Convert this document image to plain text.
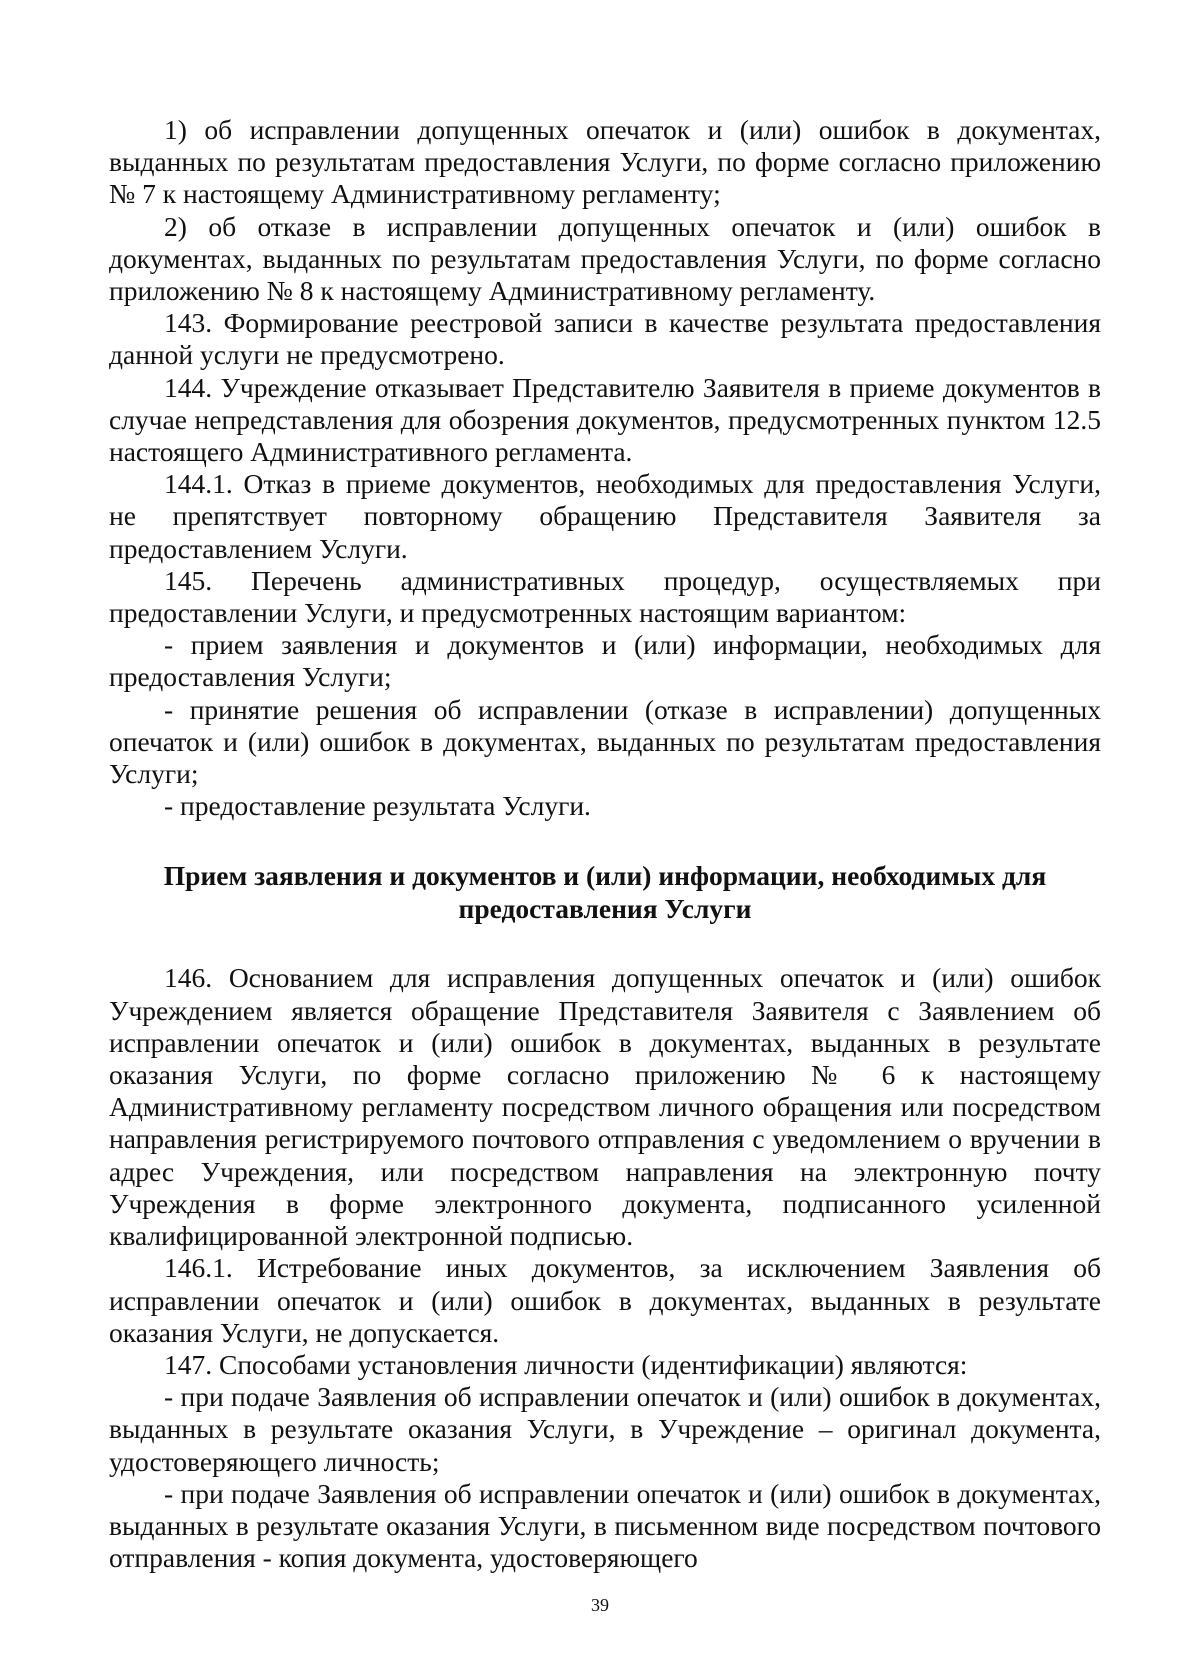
1) об исправлении допущенных опечаток и (или) ошибок в документах, выданных по результатам предоставления Услуги, по форме согласно приложению № 7 к настоящему Административному регламенту;

2) об отказе в исправлении допущенных опечаток и (или) ошибок в документах, выданных по результатам предоставления Услуги, по форме согласно приложению № 8 к настоящему Административному регламенту.

143. Формирование реестровой записи в качестве результата предоставления данной услуги не предусмотрено.

144. Учреждение отказывает Представителю Заявителя в приеме документов в случае непредставления для обозрения документов, предусмотренных пунктом 12.5 настоящего Административного регламента.

144.1. Отказ в приеме документов, необходимых для предоставления Услуги, не препятствует повторному обращению Представителя Заявителя за предоставлением Услуги.

145. Перечень административных процедур, осуществляемых при предоставлении Услуги, и предусмотренных настоящим вариантом:

- прием заявления и документов и (или) информации, необходимых для предоставления Услуги;

- принятие решения об исправлении (отказе в исправлении) допущенных опечаток и (или) ошибок в документах, выданных по результатам предоставления Услуги;

- предоставление результата Услуги.

Прием заявления и документов и (или) информации, необходимых для
предоставления Услуги

146. Основанием для исправления допущенных опечаток и (или) ошибок Учреждением является обращение Представителя Заявителя с Заявлением об исправлении опечаток и (или) ошибок в документах, выданных в результате оказания Услуги, по форме согласно приложению № 6 к настоящему Административному регламенту посредством личного обращения или посредством направления регистрируемого почтового отправления с уведомлением о вручении в адрес Учреждения, или посредством направления на электронную почту Учреждения в форме электронного документа, подписанного усиленной квалифицированной электронной подписью.

146.1. Истребование иных документов, за исключением Заявления об исправлении опечаток и (или) ошибок в документах, выданных в результате оказания Услуги, не допускается.

147. Способами установления личности (идентификации) являются:

- при подаче Заявления об исправлении опечаток и (или) ошибок в документах, выданных в результате оказания Услуги, в Учреждение – оригинал документа, удостоверяющего личность;

- при подаче Заявления об исправлении опечаток и (или) ошибок в документах, выданных в результате оказания Услуги, в письменном виде посредством почтового отправления - копия документа, удостоверяющего

39
